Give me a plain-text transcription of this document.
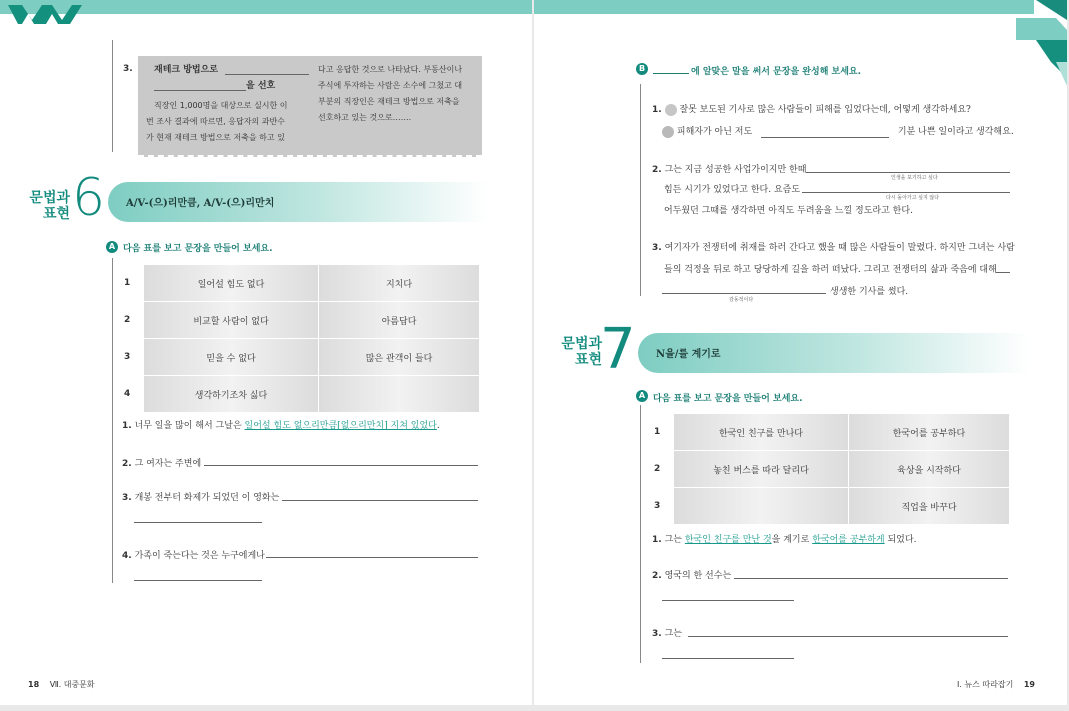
3. 재테크 방법으로
을 선호
직장인 1,000명을 대상으로 실시한 이
번 조사 결과에 따르면, 응답자의 과반수
가 현재 재테크 방법으로 저축을 하고 있
다고 응답한 것으로 나타났다. 부동산이나
주식에 투자하는 사람은 소수에 그쳤고 대
부분의 직장인은 재테크 방법으로 저축을
선호하고 있는 것으로…….
문법과
표현 6 A/V-(으)리만큼, A/V-(으)리만치
A 다음 표를 보고 문장을 만들어 보세요.
1	일어설 힘도 없다	지치다
2	비교할 사람이 없다	아름답다
3	믿을 수 없다	많은 관객이 들다
4	생각하기조차 싫다	
1. 너무 일을 많이 해서 그날은 일어설 힘도 없으리만큼[없으리만치] 지쳐 있었다.
2. 그 여자는 주변에
3. 개봉 전부터 화제가 되었던 이 영화는
4. 가족이 죽는다는 것은 누구에게나
18 Ⅶ. 대중문화
B	에 알맞은 말을 써서 문장을 완성해 보세요.
1. 잘못 보도된 기사로 많은 사람들이 피해를 입었다는데, 어떻게 생각하세요?
피해자가 아닌 저도	기분 나쁜 일이라고 생각해요.
2. 그는 지금 성공한 사업가이지만 한때
인생을 포기하고 싶다
힘든 시기가 있었다고 한다. 요즘도
다시 돌아가고 싶지 않다
어두웠던 그때를 생각하면 아직도 두려움을 느낄 정도라고 한다.
3. 여기자가 전쟁터에 취재를 하러 간다고 했을 때 많은 사람들이 말렸다. 하지만 그녀는 사람
들의 걱정을 뒤로 하고 당당하게 길을 하러 떠났다. 그리고 전쟁터의 삶과 죽음에 대해
감동적이다
생생한 기사를 썼다.
문법과
표현
7 N을/를 계기로
A 다음 표를 보고 문장을 만들어 보세요.
1	한국인 친구를 만나다	한국어를 공부하다
2	놓친 버스를 따라 달리다	육상을 시작하다
3		직업을 바꾸다
1. 그는 한국인 친구를 만난 것을 계기로 한국어를 공부하게 되었다.
2. 영국의 한 선수는
3. 그는
Ⅰ. 뉴스 따라잡기 19
